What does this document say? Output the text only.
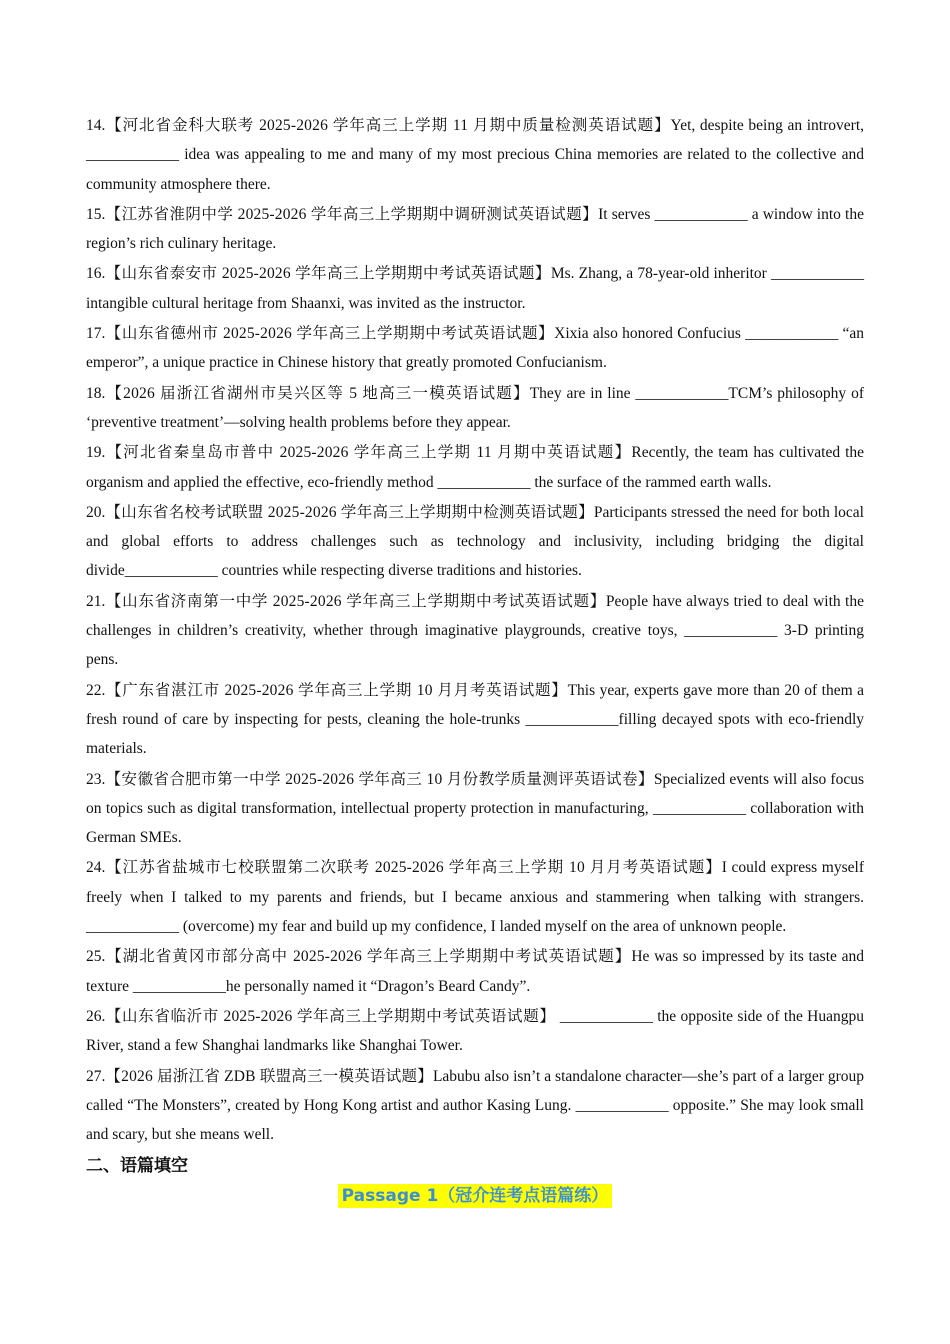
14.【河北省金科大联考 2025-2026 学年高三上学期 11 月期中质量检测英语试题】Yet, despite being an introvert, ____________ idea was appealing to me and many of my most precious China memories are related to the collective and community atmosphere there.

15.【江苏省淮阴中学 2025-2026 学年高三上学期期中调研测试英语试题】It serves ____________ a window into the region’s rich culinary heritage.

16.【山东省泰安市 2025-2026 学年高三上学期期中考试英语试题】Ms. Zhang, a 78-year-old inheritor ____________ intangible cultural heritage from Shaanxi, was invited as the instructor.

17.【山东省德州市 2025-2026 学年高三上学期期中考试英语试题】Xixia also honored Confucius ____________ “an emperor”, a unique practice in Chinese history that greatly promoted Confucianism.

18.【2026 届浙江省湖州市吴兴区等 5 地高三一模英语试题】They are in line ____________TCM’s philosophy of ‘preventive treatment’—solving health problems before they appear.

19.【河北省秦皇岛市普中 2025-2026 学年高三上学期 11 月期中英语试题】Recently, the team has cultivated the organism and applied the effective, eco-friendly method ____________ the surface of the rammed earth walls.

20.【山东省名校考试联盟 2025-2026 学年高三上学期期中检测英语试题】Participants stressed the need for both local and global efforts to address challenges such as technology and inclusivity, including bridging the digital divide____________ countries while respecting diverse traditions and histories.

21.【山东省济南第一中学 2025-2026 学年高三上学期期中考试英语试题】People have always tried to deal with the challenges in children’s creativity, whether through imaginative playgrounds, creative toys, ____________ 3-D printing pens.

22.【广东省湛江市 2025-2026 学年高三上学期 10 月月考英语试题】This year, experts gave more than 20 of them a fresh round of care by inspecting for pests, cleaning the hole-trunks ____________filling decayed spots with eco-friendly materials.

23.【安徽省合肥市第一中学 2025-2026 学年高三 10 月份教学质量测评英语试卷】Specialized events will also focus on topics such as digital transformation, intellectual property protection in manufacturing, ____________ collaboration with German SMEs.

24.【江苏省盐城市七校联盟第二次联考 2025-2026 学年高三上学期 10 月月考英语试题】I could express myself freely when I talked to my parents and friends, but I became anxious and stammering when talking with strangers. ____________ (overcome) my fear and build up my confidence, I landed myself on the area of unknown people.

25.【湖北省黄冈市部分高中 2025-2026 学年高三上学期期中考试英语试题】He was so impressed by its taste and texture ____________he personally named it “Dragon’s Beard Candy”.

26.【山东省临沂市 2025-2026 学年高三上学期期中考试英语试题】 ____________ the opposite side of the Huangpu River, stand a few Shanghai landmarks like Shanghai Tower.

27.【2026 届浙江省 ZDB 联盟高三一模英语试题】Labubu also isn’t a standalone character—she’s part of a larger group called “The Monsters”, created by Hong Kong artist and author Kasing Lung. ____________ opposite.” She may look small and scary, but she means well.

二、语篇填空
Passage 1（冠介连考点语篇练）
